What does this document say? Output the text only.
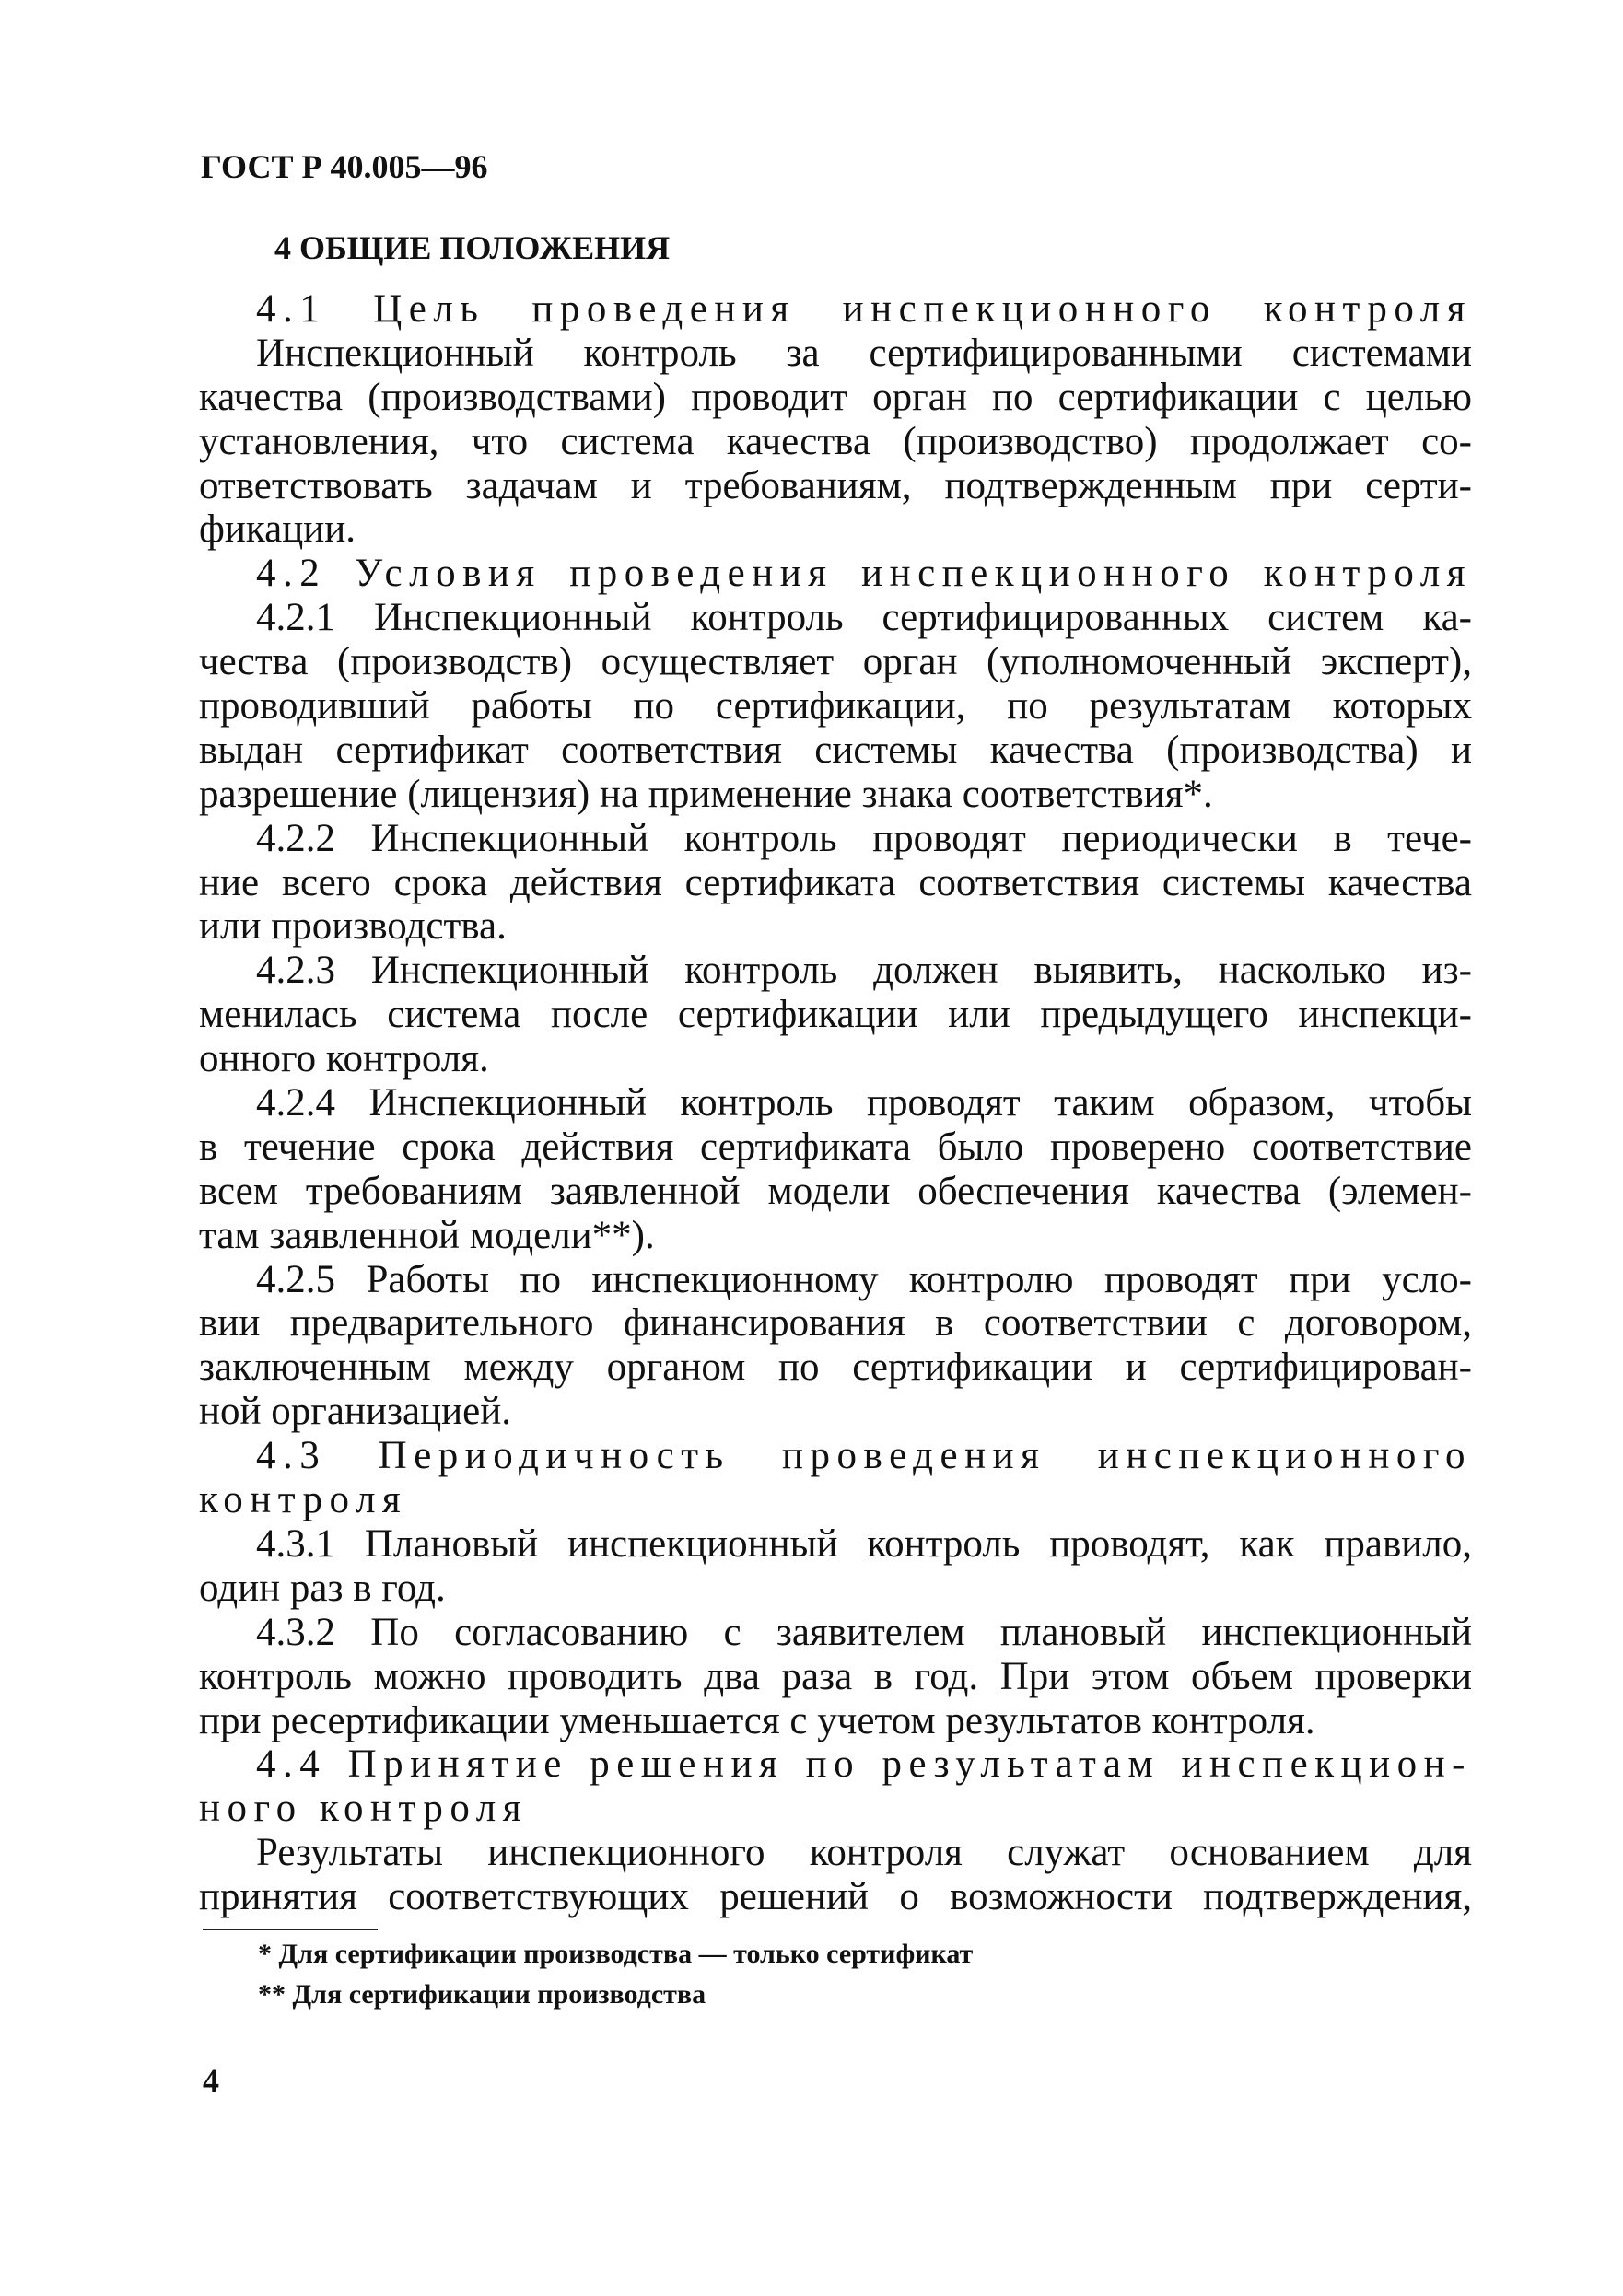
ГОСТ Р 40.005—96
4 ОБЩИЕ ПОЛОЖЕНИЯ
4.1 Цель проведения инспекционного контроля
Инспекционный контроль за сертифицированными системами
качества (производствами) проводит орган по сертификации с целью
установления, что система качества (производство) продолжает со-
ответствовать задачам и требованиям, подтвержденным при серти-
фикации.
4.2 Условия проведения инспекционного контроля
4.2.1 Инспекционный контроль сертифицированных систем ка-
чества (производств) осуществляет орган (уполномоченный эксперт),
проводивший работы по сертификации, по результатам которых
выдан сертификат соответствия системы качества (производства) и
разрешение (лицензия) на применение знака соответствия*.
4.2.2 Инспекционный контроль проводят периодически в тече-
ние всего срока действия сертификата соответствия системы качества
или производства.
4.2.3 Инспекционный контроль должен выявить, насколько из-
менилась система после сертификации или предыдущего инспекци-
онного контроля.
4.2.4 Инспекционный контроль проводят таким образом, чтобы
в течение срока действия сертификата было проверено соответствие
всем требованиям заявленной модели обеспечения качества (элемен-
там заявленной модели**).
4.2.5 Работы по инспекционному контролю проводят при усло-
вии предварительного финансирования в соответствии с договором,
заключенным между органом по сертификации и сертифицирован-
ной организацией.
4.3 Периодичность проведения инспекционного
контроля
4.3.1 Плановый инспекционный контроль проводят, как правило,
один раз в год.
4.3.2 По согласованию с заявителем плановый инспекционный
контроль можно проводить два раза в год. При этом объем проверки
при ресертификации уменьшается с учетом результатов контроля.
4.4 Принятие решения по результатам инспекцион-
ного контроля
Результаты инспекционного контроля служат основанием для
принятия соответствующих решений о возможности подтверждения,
* Для сертификации производства — только сертификат
** Для сертификации производства
4
